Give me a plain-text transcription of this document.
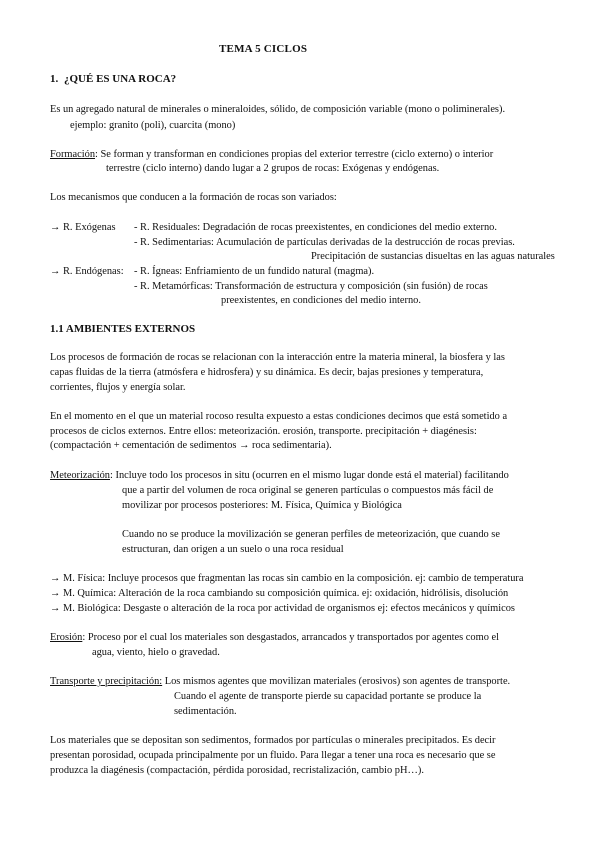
TEMA 5 CICLOS
1. ¿QUÉ ES UNA ROCA?
Es un agregado natural de minerales o mineraloides, sólido, de composición variable (mono o poliminerales).
ejemplo: granito (poli), cuarcita (mono)
Formación: Se forman y transforman en condiciones propias del exterior terrestre (ciclo externo) o interior
terrestre (ciclo interno) dando lugar a 2 grupos de rocas: Exógenas y endógenas.
Los mecanismos que conducen a la formación de rocas son variados:
→ R. Exógenas - R. Residuales: Degradación de rocas preexistentes, en condiciones del medio externo.
- R. Sedimentarias: Acumulación de partículas derivadas de la destrucción de rocas previas.
Precipitación de sustancias disueltas en las aguas naturales
→ R. Endógenas: - R. Ígneas: Enfriamiento de un fundido natural (magma).
- R. Metamórficas: Transformación de estructura y composición (sin fusión) de rocas
preexistentes, en condiciones del medio interno.
1.1 AMBIENTES EXTERNOS
Los procesos de formación de rocas se relacionan con la interacción entre la materia mineral, la biosfera y las
capas fluidas de la tierra (atmósfera e hidrosfera) y su dinámica. Es decir, bajas presiones y temperatura,
corrientes, flujos y energía solar.
En el momento en el que un material rocoso resulta expuesto a estas condiciones decimos que está sometido a
procesos de ciclos externos. Entre ellos: meteorización. erosión, transporte. precipitación + diagénesis:
(compactación + cementación de sedimentos → roca sedimentaria).
Meteorización: Incluye todo los procesos in situ (ocurren en el mismo lugar donde está el material) facilitando
que a partir del volumen de roca original se generen partículas o compuestos más fácil de
movilizar por procesos posteriores: M. Física, Química y Biológica
Cuando no se produce la movilización se generan perfiles de meteorización, que cuando se
estructuran, dan origen a un suelo o una roca residual
→ M. Física: Incluye procesos que fragmentan las rocas sin cambio en la composición. ej: cambio de temperatura
→ M. Química: Alteración de la roca cambiando su composición química. ej: oxidación, hidrólisis, disolución
→ M. Biológica: Desgaste o alteración de la roca por actividad de organismos ej: efectos mecánicos y químicos
Erosión: Proceso por el cual los materiales son desgastados, arrancados y transportados por agentes como el
agua, viento, hielo o gravedad.
Transporte y precipitación: Los mismos agentes que movilizan materiales (erosivos) son agentes de transporte.
Cuando el agente de transporte pierde su capacidad portante se produce la
sedimentación.
Los materiales que se depositan son sedimentos, formados por partículas o minerales precipitados. Es decir
presentan porosidad, ocupada principalmente por un fluido. Para llegar a tener una roca es necesario que se
produzca la diagénesis (compactación, pérdida porosidad, recristalización, cambio pH…).
